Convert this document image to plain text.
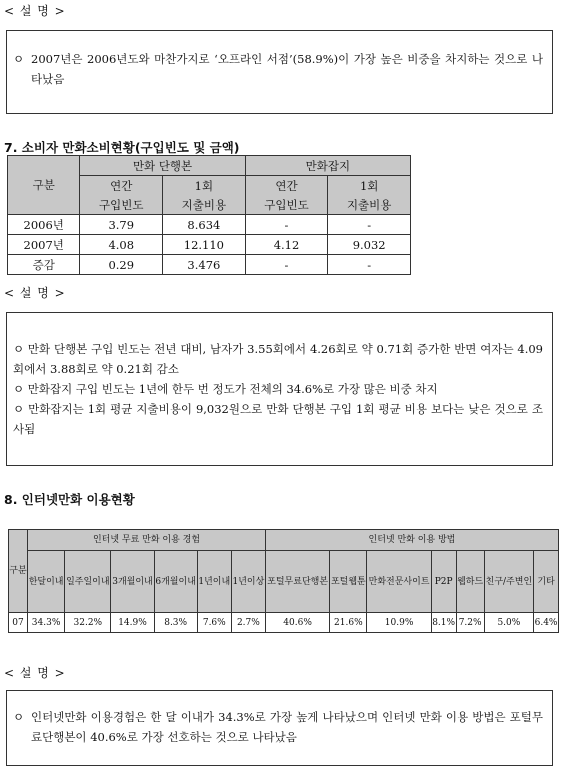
< 설 명 >
ㅇ 2007년은 2006년도와 마찬가지로 ‘오프라인 서점’(58.9%)이 가장 높은 비중을 차지하는 것으로 나타났음
7. 소비자 만화소비현황(구입빈도 및 금액)
구분	만화 단행본		만화잡지	
	연간	1회	연간	1회
	구입빈도	지출비용	구입빈도	지출비용
2006년	3.79	8.634	-	-
2007년	4.08	12.110	4.12	9.032
증감	0.29	3.476	-	-
< 설 명 >
ㅇ 만화 단행본 구입 빈도는 전년 대비, 남자가 3.55회에서 4.26회로 약 0.71회 증가한 반면 여자는 4.09회에서 3.88회로 약 0.21회 감소
ㅇ 만화잡지 구입 빈도는 1년에 한두 번 정도가 전체의 34.6%로 가장 많은 비중 차지
ㅇ 만화잡지는 1회 평균 지출비용이 9,032원으로 만화 단행본 구입 1회 평균 비용 보다는 낮은 것으로 조사됨
8. 인터넷만화 이용현황
구분	인터넷 무료 만화 이용 경험						인터넷 만화 이용 방법						
	한달이내	일주일이내	3개월이내	6개월이내	1년이내	1년이상	포털무료단행본	포털웹툰	만화전문사이트	P2P	웹하드	친구/주변인	기타
07	34.3%	32.2%	14.9%	8.3%	7.6%	2.7%	40.6%	21.6%	10.9%	8.1%	7.2%	5.0%	6.4%
< 설 명 >
ㅇ 인터넷만화 이용경험은 한 달 이내가 34.3%로 가장 높게 나타났으며 인터넷 만화 이용 방법은 포털무료단행본이 40.6%로 가장 선호하는 것으로 나타났음
